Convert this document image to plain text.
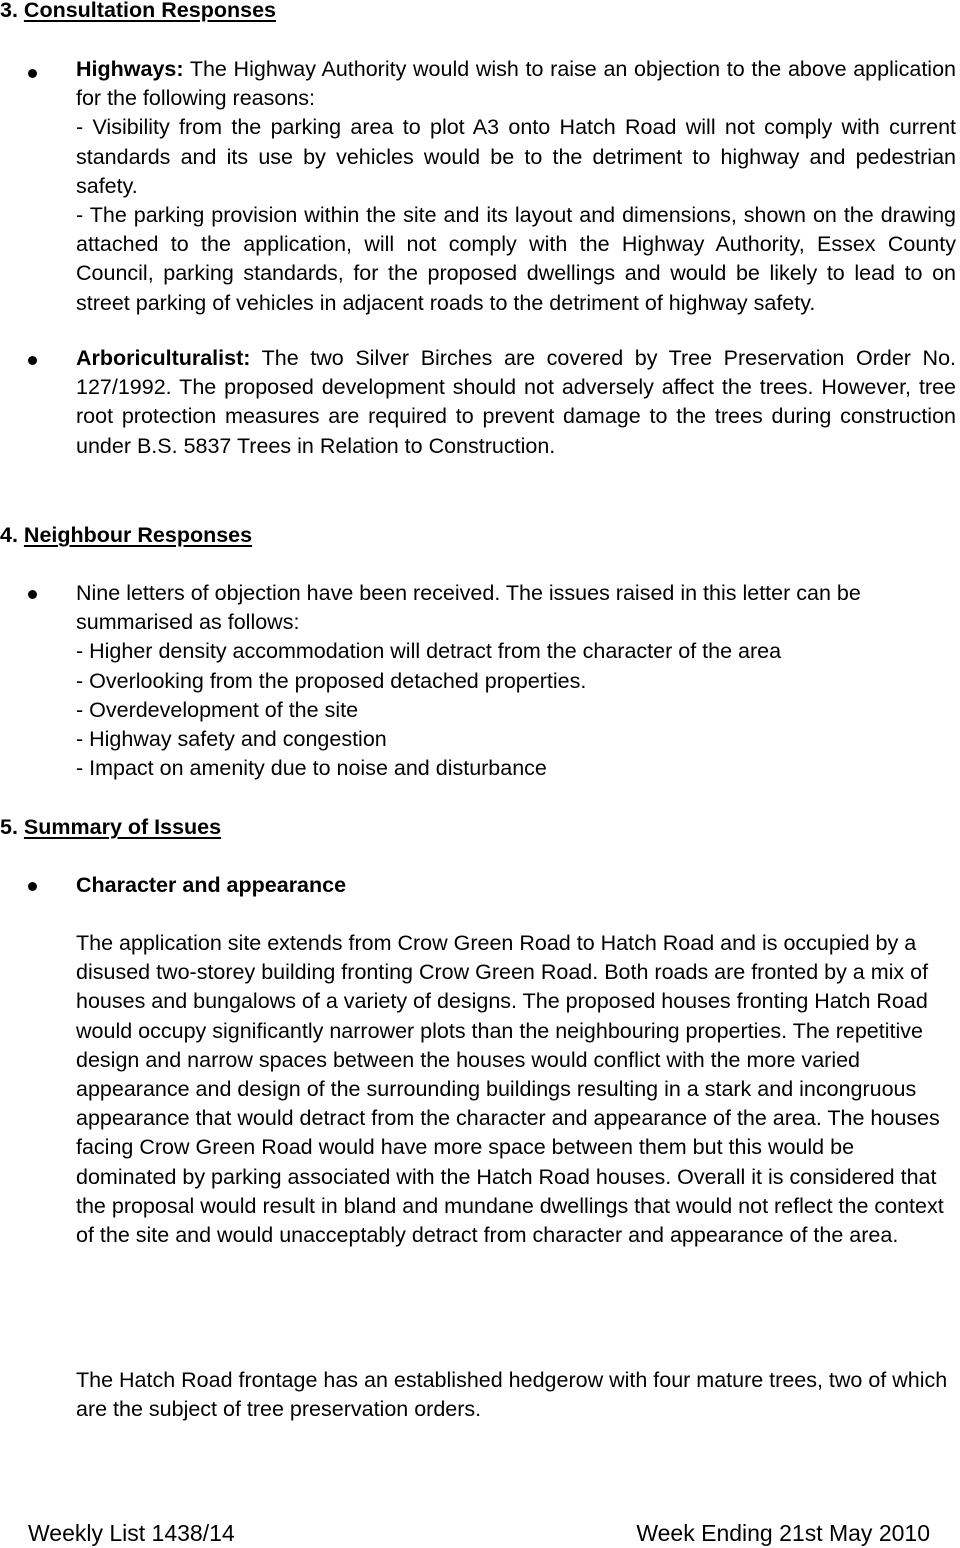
3. Consultation Responses
Highways: The Highway Authority would wish to raise an objection to the above application for the following reasons:
- Visibility from the parking area to plot A3 onto Hatch Road will not comply with current standards and its use by vehicles would be to the detriment to highway and pedestrian safety.
- The parking provision within the site and its layout and dimensions, shown on the drawing attached to the application, will not comply with the Highway Authority, Essex County Council, parking standards, for the proposed dwellings and would be likely to lead to on street parking of vehicles in adjacent roads to the detriment of highway safety.
Arboriculturalist: The two Silver Birches are covered by Tree Preservation Order No. 127/1992. The proposed development should not adversely affect the trees. However, tree root protection measures are required to prevent damage to the trees during construction under B.S. 5837 Trees in Relation to Construction.
4. Neighbour Responses
Nine letters of objection have been received. The issues raised in this letter can be summarised as follows:
- Higher density accommodation will detract from the character of the area
- Overlooking from the proposed detached properties.
- Overdevelopment of the site
- Highway safety and congestion
- Impact on amenity due to noise and disturbance
5. Summary of Issues
Character and appearance
The application site extends from Crow Green Road to Hatch Road and is occupied by a disused two-storey building fronting Crow Green Road. Both roads are fronted by a mix of houses and bungalows of a variety of designs. The proposed houses fronting Hatch Road would occupy significantly narrower plots than the neighbouring properties. The repetitive design and narrow spaces between the houses would conflict with the more varied appearance and design of the surrounding buildings resulting in a stark and incongruous appearance that would detract from the character and appearance of the area. The houses facing Crow Green Road would have more space between them but this would be dominated by parking associated with the Hatch Road houses. Overall it is considered that the proposal would result in bland and mundane dwellings that would not reflect the context of the site and would unacceptably detract from character and appearance of the area.
The Hatch Road frontage has an established hedgerow with four mature trees, two of which are the subject of tree preservation orders.
Weekly List 1438/14	Week Ending 21st May 2010
